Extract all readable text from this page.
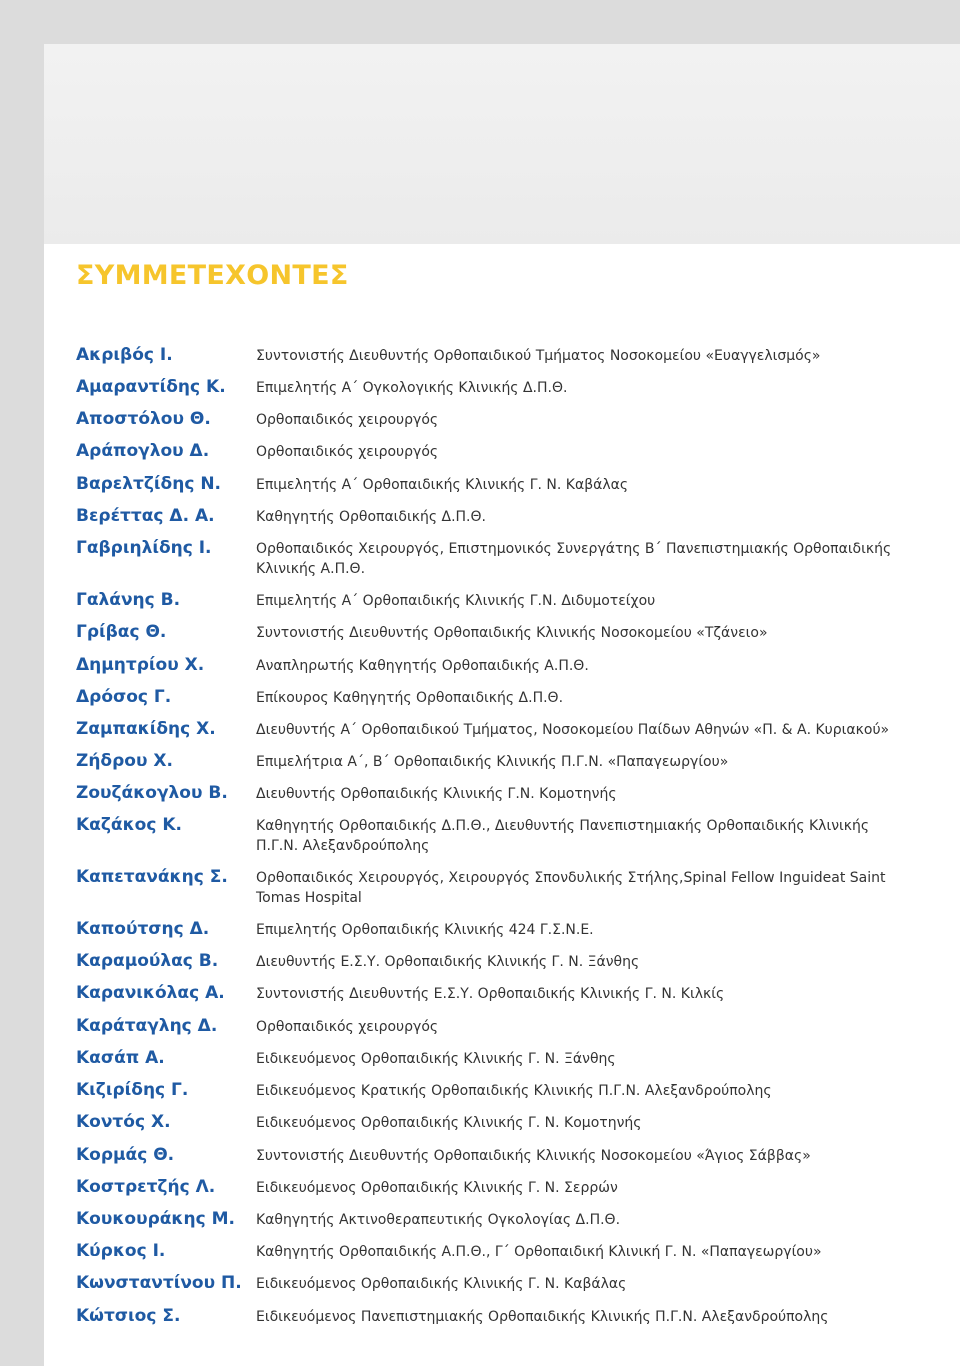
ΣΥΜΜΕΤΕΧΟΝΤΕΣ
Ακριβός Ι.	Συντονιστής Διευθυντής Ορθοπαιδικού Τμήματος Νοσοκομείου «Ευαγγελισμός»
Αμαραντίδης Κ.	Επιμελητής Α΄ Ογκολογικής Κλινικής Δ.Π.Θ.
Αποστόλου Θ.	Ορθοπαιδικός χειρουργός
Αράπογλου Δ.	Ορθοπαιδικός χειρουργός
Βαρελτζίδης Ν.	Επιμελητής Α΄ Ορθοπαιδικής Κλινικής Γ. Ν. Καβάλας
Βερέττας Δ. Α.	Καθηγητής Ορθοπαιδικής Δ.Π.Θ.
Γαβριηλίδης Ι.	Ορθοπαιδικός Χειρουργός, Επιστημονικός Συνεργάτης Β΄ Πανεπιστημιακής Ορθοπαιδικής Κλινικής Α.Π.Θ.
Γαλάνης Β.	Επιμελητής Α΄ Ορθοπαιδικής Κλινικής Γ.Ν. Διδυμοτείχου
Γρίβας Θ.	Συντονιστής Διευθυντής Ορθοπαιδικής Κλινικής Νοσοκομείου «Τζάνειο»
Δημητρίου Χ.	Αναπληρωτής Καθηγητής Ορθοπαιδικής Α.Π.Θ.
Δρόσος Γ.	Επίκουρος Καθηγητής Ορθοπαιδικής Δ.Π.Θ.
Ζαμπακίδης Χ.	Διευθυντής Α΄ Ορθοπαιδικού Τμήματος, Νοσοκομείου Παίδων Αθηνών «Π. & Α. Κυριακού»
Ζήδρου Χ.	Επιμελήτρια Α΄, Β΄ Ορθοπαιδικής Κλινικής Π.Γ.Ν. «Παπαγεωργίου»
Ζουζάκογλου Β.	Διευθυντής Ορθοπαιδικής Κλινικής Γ.Ν. Κομοτηνής
Καζάκος Κ.	Καθηγητής Ορθοπαιδικής Δ.Π.Θ., Διευθυντής Πανεπιστημιακής Ορθοπαιδικής Κλινικής Π.Γ.Ν. Αλεξανδρούπολης
Καπετανάκης Σ.	Ορθοπαιδικός Χειρουργός, Χειρουργός Σπονδυλικής Στήλης,Spinal Fellow Inguideat Saint Tomas Hospital
Καπούτσης Δ.	Επιμελητής Ορθοπαιδικής Κλινικής 424 Γ.Σ.Ν.Ε.
Καραμούλας Β.	Διευθυντής Ε.Σ.Υ. Ορθοπαιδικής Κλινικής Γ. Ν. Ξάνθης
Καρανικόλας Α.	Συντονιστής Διευθυντής Ε.Σ.Υ. Ορθοπαιδικής Κλινικής Γ. Ν. Κιλκίς
Καράταγλης Δ.	Ορθοπαιδικός χειρουργός
Κασάπ Α.	Ειδικευόμενος Ορθοπαιδικής Κλινικής Γ. Ν. Ξάνθης
Κιζιρίδης Γ.	Ειδικευόμενος Κρατικής Ορθοπαιδικής Κλινικής Π.Γ.Ν. Αλεξανδρούπολης
Κοντός Χ.	Ειδικευόμενος Ορθοπαιδικής Κλινικής Γ. Ν. Κομοτηνής
Κορμάς Θ.	Συντονιστής Διευθυντής Ορθοπαιδικής Κλινικής Νοσοκομείου «Άγιος Σάββας»
Κοστρετζής Λ.	Ειδικευόμενος Ορθοπαιδικής Κλινικής Γ. Ν. Σερρών
Κουκουράκης Μ.	Καθηγητής Ακτινοθεραπευτικής Ογκολογίας Δ.Π.Θ.
Κύρκος Ι.	Καθηγητής Ορθοπαιδικής Α.Π.Θ., Γ΄ Ορθοπαιδική Κλινική Γ. Ν. «Παπαγεωργίου»
Κωνσταντίνου Π.	Ειδικευόμενος Ορθοπαιδικής Κλινικής Γ. Ν. Καβάλας
Κώτσιος Σ.	Ειδικευόμενος Πανεπιστημιακής Ορθοπαιδικής Κλινικής Π.Γ.Ν. Αλεξανδρούπολης
